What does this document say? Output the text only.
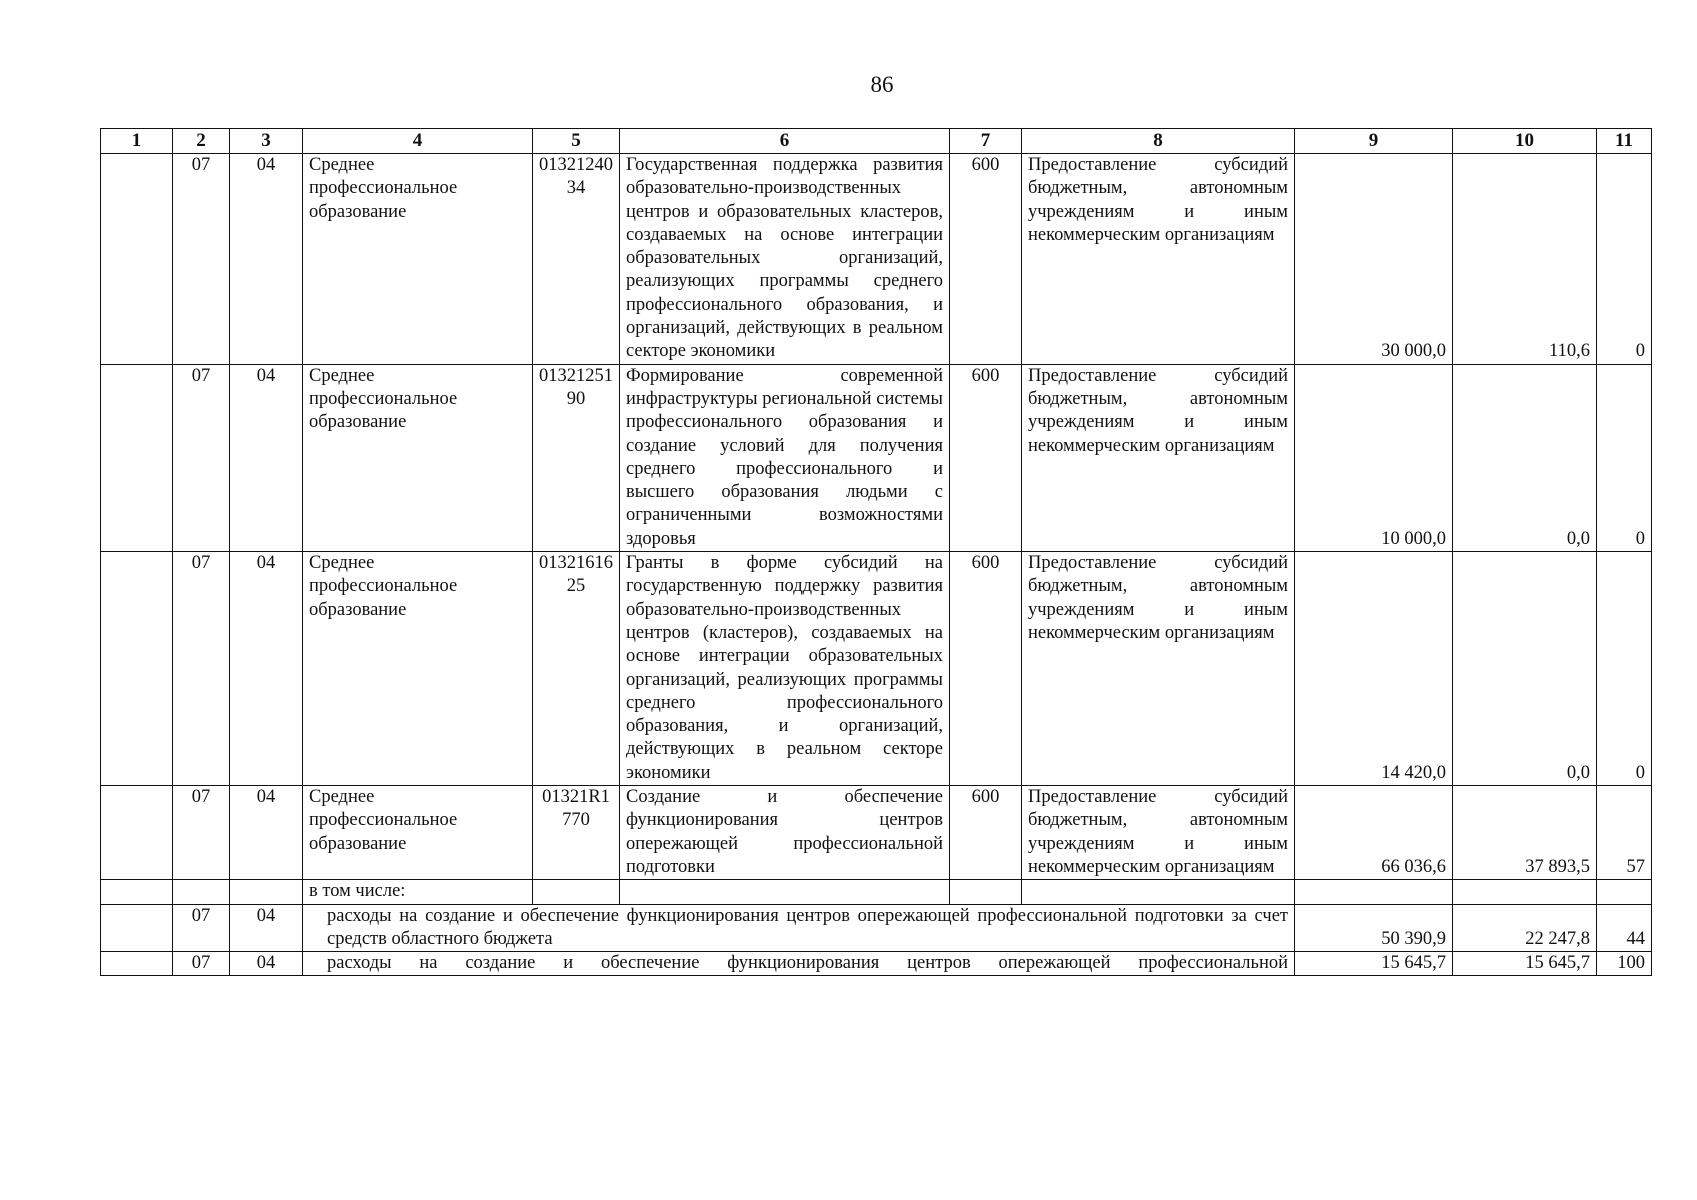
86
1	2	3	4	5	6	7	8	9	10	11
	07	04	Среднее профессиональное образование	0132124034	Государственная поддержка развития образовательно-производственных центров и образовательных кластеров, создаваемых на основе интеграции образовательных организаций, реализующих программы среднего профессионального образования, и организаций, действующих в реальном секторе экономики	600	Предоставление субсидий бюджетным, автономным учреждениям и иным некоммерческим организациям	30 000,0	110,6	0
	07	04	Среднее профессиональное образование	0132125190	Формирование современной инфраструктуры региональной системы профессионального образования и создание условий для получения среднего профессионального и высшего образования людьми с ограниченными возможностями здоровья	600	Предоставление субсидий бюджетным, автономным учреждениям и иным некоммерческим организациям	10 000,0	0,0	0
	07	04	Среднее профессиональное образование	0132161625	Гранты в форме субсидий на государственную поддержку развития образовательно-производственных центров (кластеров), создаваемых на основе интеграции образовательных организаций, реализующих программы среднего профессионального образования, и организаций, действующих в реальном секторе экономики	600	Предоставление субсидий бюджетным, автономным учреждениям и иным некоммерческим организациям	14 420,0	0,0	0
	07	04	Среднее профессиональное образование	01321R1770	Создание и обеспечение функционирования центров опережающей профессиональной подготовки	600	Предоставление субсидий бюджетным, автономным учреждениям и иным некоммерческим организациям	66 036,6	37 893,5	57
			в том числе:							
	07	04	расходы на создание и обеспечение функционирования центров опережающей профессиональной подготовки за счет средств областного бюджета					50 390,9	22 247,8	44
	07	04	расходы на создание и обеспечение функционирования центров опережающей профессиональной					15 645,7	15 645,7	100
